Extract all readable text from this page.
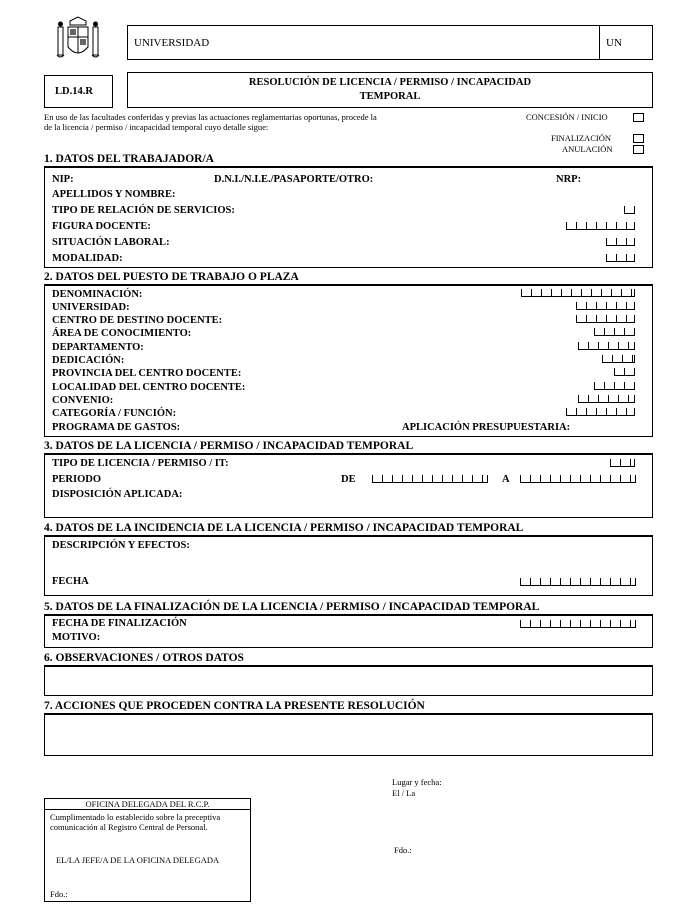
UNIVERSIDAD	UN
LD.14.R
RESOLUCIÓN DE LICENCIA / PERMISO / INCAPACIDAD
TEMPORAL
En uso de las facultades conferidas y previas las actuaciones reglamentarias oportunas, procede la
de la licencia / permiso / incapacidad temporal cuyo detalle sigue:
CONCESIÓN / INICIO
FINALIZACIÓN
ANULACIÓN
1. DATOS DEL TRABAJADOR/A
NIP:	D.N.I./N.I.E./PASAPORTE/OTRO:	NRP:
APELLIDOS Y NOMBRE:
TIPO DE RELACIÓN DE SERVICIOS:
FIGURA DOCENTE:
SITUACIÓN LABORAL:
MODALIDAD:
2. DATOS DEL PUESTO DE TRABAJO O PLAZA
DENOMINACIÓN:
UNIVERSIDAD:
CENTRO DE DESTINO DOCENTE:
ÁREA DE CONOCIMIENTO:
DEPARTAMENTO:
DEDICACIÓN:
PROVINCIA DEL CENTRO DOCENTE:
LOCALIDAD DEL CENTRO DOCENTE:
CONVENIO:
CATEGORÍA / FUNCIÓN:
PROGRAMA DE GASTOS:	APLICACIÓN PRESUPUESTARIA:
3. DATOS DE LA LICENCIA / PERMISO / INCAPACIDAD TEMPORAL
TIPO DE LICENCIA / PERMISO / IT:
PERIODO	DE	A
DISPOSICIÓN APLICADA:
4. DATOS DE LA INCIDENCIA DE LA LICENCIA / PERMISO / INCAPACIDAD TEMPORAL
DESCRIPCIÓN Y EFECTOS:
FECHA
5. DATOS DE LA FINALIZACIÓN DE LA LICENCIA / PERMISO / INCAPACIDAD TEMPORAL
FECHA DE FINALIZACIÓN
MOTIVO:
6. OBSERVACIONES / OTROS DATOS
7. ACCIONES QUE PROCEDEN CONTRA LA PRESENTE RESOLUCIÓN
Lugar y fecha:
El / La
Fdo.:
OFICINA DELEGADA DEL R.C.P.
Cumplimentado lo establecido sobre la preceptiva
comunicación al Registro Central de Personal.
EL/LA JEFE/A DE LA OFICINA DELEGADA
Fdo.:
